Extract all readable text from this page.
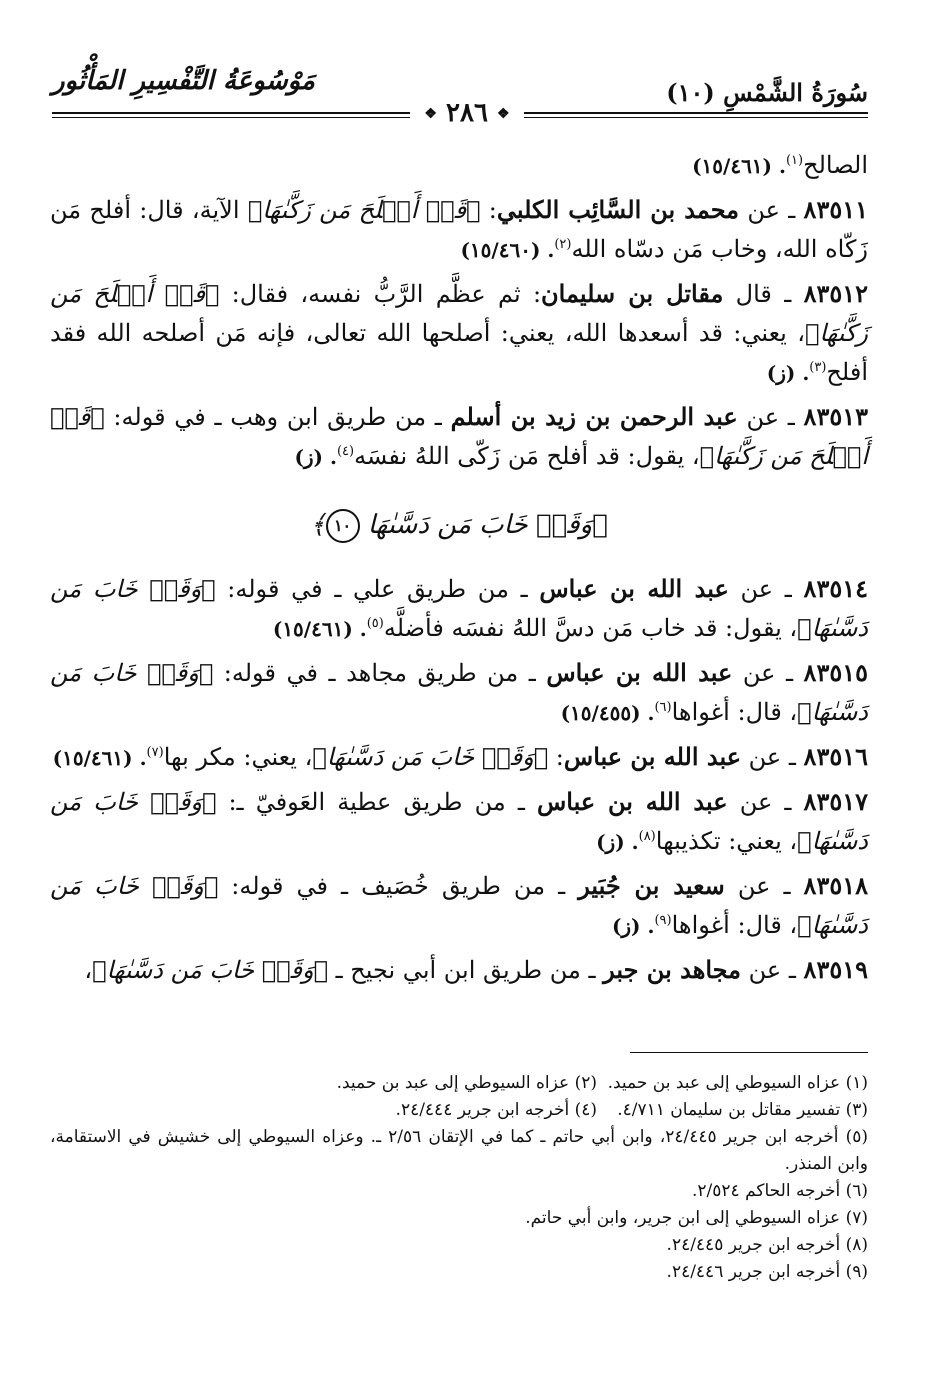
سُورَةُ الشَّمْسِ (١٠)
مَوْسُوعَةُ التَّفْسِيرِ المَأْثُور
❖ ٢٨٦ ❖

الصالح$^{(١)}$. (١٥/٤٦١)

٨٣٥١١ ـ عن محمد بن السَّائِب الكلبي: ﴿قَدۡ أَفۡلَحَ مَن زَكَّىٰهَا﴾ الآية، قال: أفلح مَن زَكّاه الله، وخاب مَن دسّاه الله$^{(٢)}$. (١٥/٤٦٠)

٨٣٥١٢ ـ قال مقاتل بن سليمان: ثم عظَّم الرَّبُّ نفسه، فقال: ﴿قَدۡ أَفۡلَحَ مَن زَكَّىٰهَا﴾، يعني: قد أسعدها الله، يعني: أصلحها الله تعالى، فإنه مَن أصلحه الله فقد أفلح$^{(٣)}$. (ز)

٨٣٥١٣ ـ عن عبد الرحمن بن زيد بن أسلم ـ من طريق ابن وهب ـ في قوله: ﴿قَدۡ أَفۡلَحَ مَن زَكَّىٰهَا﴾، يقول: قد أفلح مَن زَكّى اللهُ نفسَه$^{(٤)}$. (ز)

﴿وَقَدۡ خَابَ مَن دَسَّىٰهَا ١٠﴾

٨٣٥١٤ ـ عن عبد الله بن عباس ـ من طريق علي ـ في قوله: ﴿وَقَدۡ خَابَ مَن دَسَّىٰهَا﴾، يقول: قد خاب مَن دسَّ اللهُ نفسَه فأضلَّه$^{(٥)}$. (١٥/٤٦١)

٨٣٥١٥ ـ عن عبد الله بن عباس ـ من طريق مجاهد ـ في قوله: ﴿وَقَدۡ خَابَ مَن دَسَّىٰهَا﴾، قال: أغواها$^{(٦)}$. (١٥/٤٥٥)

٨٣٥١٦ ـ عن عبد الله بن عباس: ﴿وَقَدۡ خَابَ مَن دَسَّىٰهَا﴾، يعني: مكر بها$^{(٧)}$. (١٥/٤٦١)

٨٣٥١٧ ـ عن عبد الله بن عباس ـ من طريق عطية العَوفيّ ـ: ﴿وَقَدۡ خَابَ مَن دَسَّىٰهَا﴾، يعني: تكذيبها$^{(٨)}$. (ز)

٨٣٥١٨ ـ عن سعيد بن جُبَير ـ من طريق خُصَيف ـ في قوله: ﴿وَقَدۡ خَابَ مَن دَسَّىٰهَا﴾، قال: أغواها$^{(٩)}$. (ز)

٨٣٥١٩ ـ عن مجاهد بن جبر ـ من طريق ابن أبي نجيح ـ ﴿وَقَدۡ خَابَ مَن دَسَّىٰهَا﴾،

(١) عزاه السيوطي إلى عبد بن حميد.
(٢) عزاه السيوطي إلى عبد بن حميد.
(٣) تفسير مقاتل بن سليمان ٤/٧١١.
(٤) أخرجه ابن جرير ٢٤/٤٤٤.
(٥) أخرجه ابن جرير ٢٤/٤٤٥، وابن أبي حاتم ـ كما في الإتقان ٢/٥٦ ـ. وعزاه السيوطي إلى خشيش في الاستقامة، وابن المنذر.
(٦) أخرجه الحاكم ٢/٥٢٤.
(٧) عزاه السيوطي إلى ابن جرير، وابن أبي حاتم.
(٨) أخرجه ابن جرير ٢٤/٤٤٥.
(٩) أخرجه ابن جرير ٢٤/٤٤٦.
